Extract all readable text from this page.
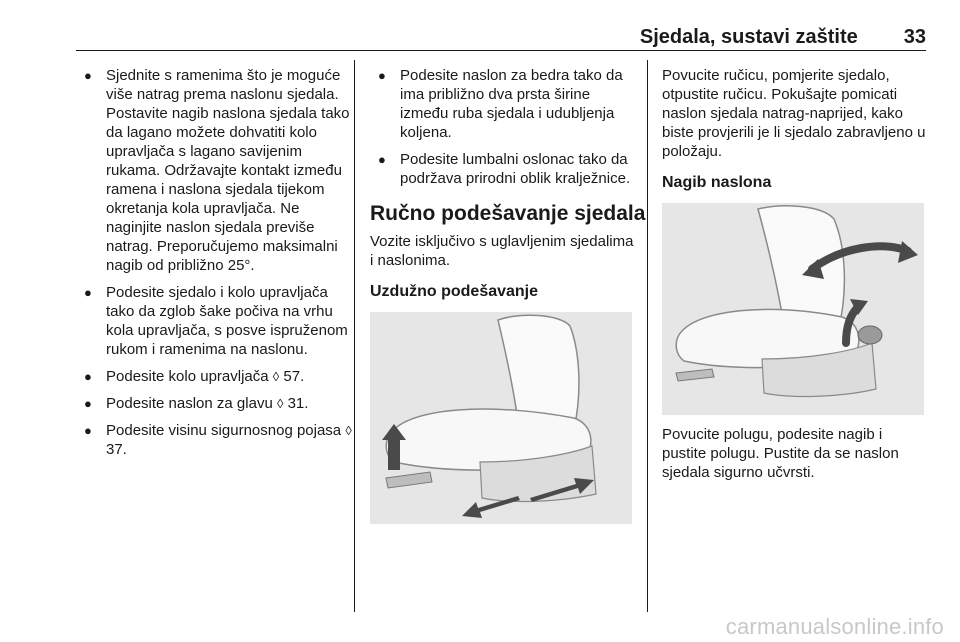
Sjedala, sustavi zaštite 33
● Sjednite s ramenima što je moguće više natrag prema naslonu sjedala. Postavite nagib naslona sjedala tako da lagano možete dohvatiti kolo upravljača s lagano savijenim rukama. Održavajte kontakt između ramena i naslona sjedala tijekom okretanja kola upravljača. Ne naginjite naslon sjedala previše natrag. Preporučujemo maksimalni nagib od približno 25°.
● Podesite sjedalo i kolo upravljača tako da zglob šake počiva na vrhu kola upravljača, s posve ispruženom rukom i ramenima na naslonu.
● Podesite kolo upravljača ◊ 57.
● Podesite naslon za glavu ◊ 31.
● Podesite visinu sigurnosnog pojasa ◊ 37.
● Podesite naslon za bedra tako da ima približno dva prsta širine između ruba sjedala i udubljenja koljena.
● Podesite lumbalni oslonac tako da podržava prirodni oblik kralježnice.
Ručno podešavanje sjedala

Vozite isključivo s uglavljenim sjedalima i naslonima.

Uzdužno podešavanje

Povucite ručicu, pomjerite sjedalo, otpustite ručicu. Pokušajte pomicati naslon sjedala natrag-naprijed, kako biste provjerili je li sjedalo zabravljeno u položaju.

Nagib naslona

Povucite polugu, podesite nagib i pustite polugu. Pustite da se naslon sjedala sigurno učvrsti.

carmanualsonline.info
